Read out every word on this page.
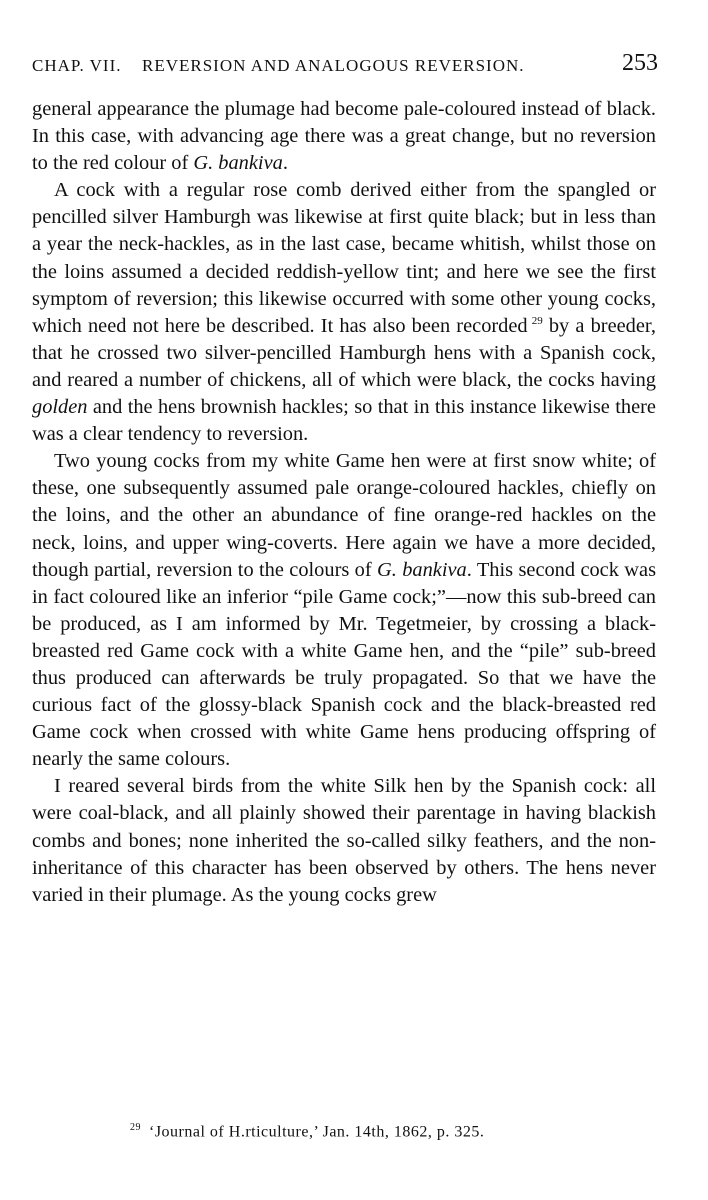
CHAP. VII. REVERSION AND ANALOGOUS REVERSION.	253

general appearance the plumage had become pale-coloured instead of black. In this case, with advancing age there was a great change, but no reversion to the red colour of G. bankiva.

A cock with a regular rose comb derived either from the spangled or pencilled silver Hamburgh was likewise at first quite black; but in less than a year the neck-hackles, as in the last case, became whitish, whilst those on the loins assumed a decided reddish-yellow tint; and here we see the first symptom of reversion; this likewise occurred with some other young cocks, which need not here be described. It has also been recorded  $^{29}$ by a breeder, that he crossed two silver-pencilled Hamburgh hens with a Spanish cock, and reared a number of chickens, all of which were black, the cocks having golden and the hens brownish hackles; so that in this instance likewise there was a clear tendency to reversion.

Two young cocks from my white Game hen were at first snow white; of these, one subsequently assumed pale orange-coloured hackles, chiefly on the loins, and the other an abundance of fine orange-red hackles on the neck, loins, and upper wing-coverts. Here again we have a more decided, though partial, reversion to the colours of G. bankiva. This second cock was in fact coloured like an inferior “pile Game cock;”—now this sub-breed can be produced, as I am informed by Mr. Tegetmeier, by crossing a black-breasted red Game cock with a white Game hen, and the “pile” sub-breed thus produced can afterwards be truly propagated. So that we have the curious fact of the glossy-black Spanish cock and the black-breasted red Game cock when crossed with white Game hens producing offspring of nearly the same colours.

I reared several birds from the white Silk hen by the Spanish cock: all were coal-black, and all plainly showed their parentage in having blackish combs and bones; none inherited the so-called silky feathers, and the non-inheritance of this character has been observed by others. The hens never varied in their plumage. As the young cocks grew

$^{29}$ ‘Journal of H.rticulture,’ Jan. 14th, 1862, p. 325.
